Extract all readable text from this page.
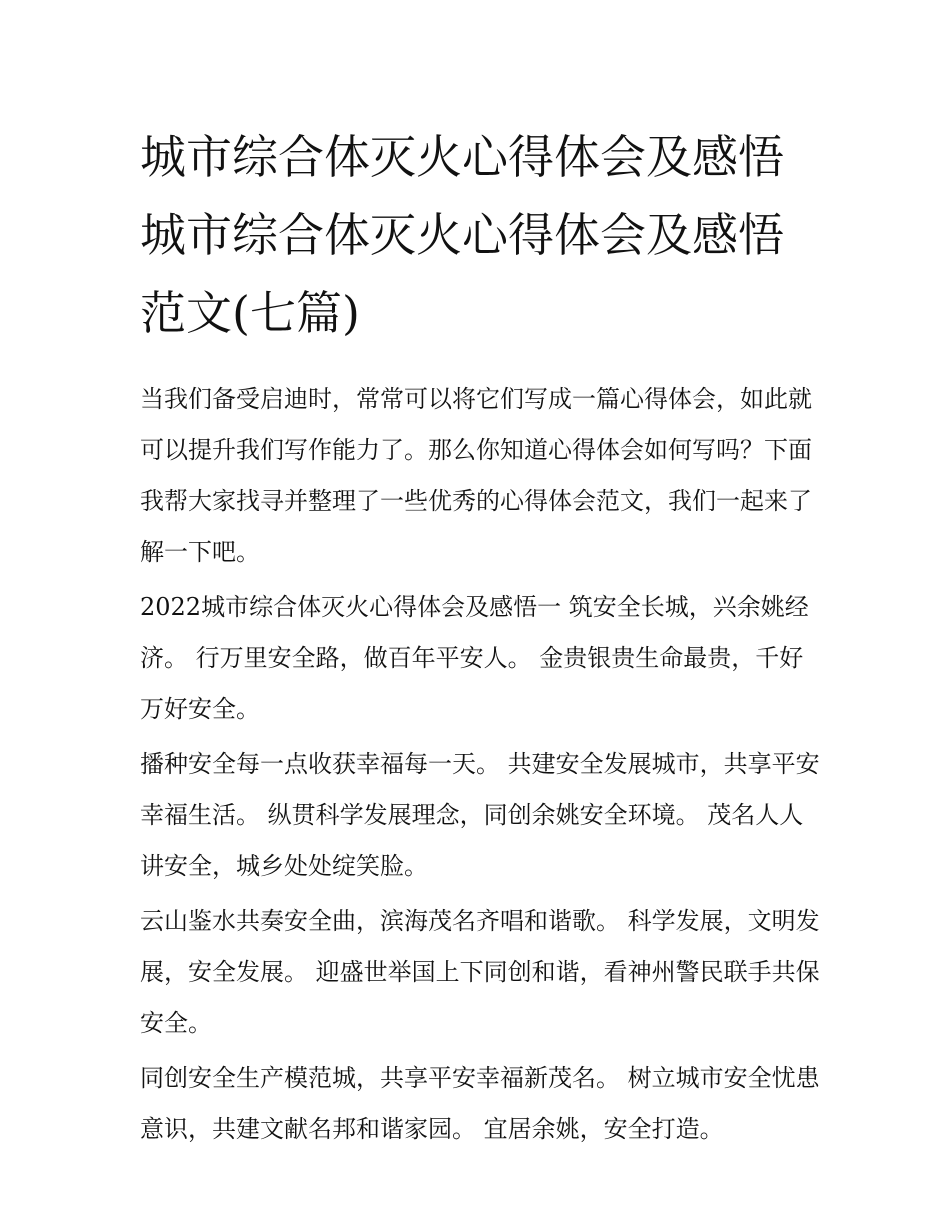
城市综合体灭火心得体会及感悟 城市综合体灭火心得体会及感悟范文(七篇)

当我们备受启迪时，常常可以将它们写成一篇心得体会，如此就可以提升我们写作能力了。那么你知道心得体会如何写吗？下面我帮大家找寻并整理了一些优秀的心得体会范文，我们一起来了解一下吧。

2022城市综合体灭火心得体会及感悟一 筑安全长城，兴余姚经济。 行万里安全路，做百年平安人。 金贵银贵生命最贵，千好万好安全。

播种安全每一点收获幸福每一天。 共建安全发展城市，共享平安幸福生活。 纵贯科学发展理念，同创余姚安全环境。 茂名人人讲安全，城乡处处绽笑脸。

云山鉴水共奏安全曲，滨海茂名齐唱和谐歌。 科学发展，文明发展，安全发展。 迎盛世举国上下同创和谐，看神州警民联手共保安全。

同创安全生产模范城，共享平安幸福新茂名。 树立城市安全忧患意识，共建文献名邦和谐家园。 宜居余姚，安全打造。
